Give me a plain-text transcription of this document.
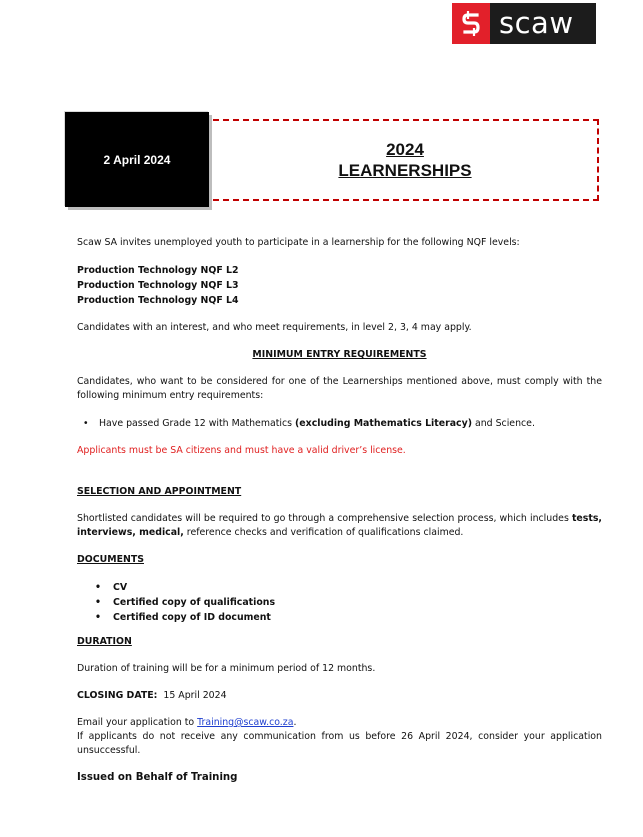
scaw
2 April 2024
2024
LEARNERSHIPS

Scaw SA invites unemployed youth to participate in a learnership for the following NQF levels:

Production Technology NQF L2
Production Technology NQF L3
Production Technology NQF L4

Candidates with an interest, and who meet requirements, in level 2, 3, 4 may apply.

MINIMUM ENTRY REQUIREMENTS

Candidates, who want to be considered for one of the Learnerships mentioned above, must comply with the following minimum entry requirements:

• Have passed Grade 12 with Mathematics (excluding Mathematics Literacy) and Science.

Applicants must be SA citizens and must have a valid driver’s license.

SELECTION AND APPOINTMENT

Shortlisted candidates will be required to go through a comprehensive selection process, which includes tests, interviews, medical, reference checks and verification of qualifications claimed.

DOCUMENTS

• CV
• Certified copy of qualifications
• Certified copy of ID document

DURATION

Duration of training will be for a minimum period of 12 months.

CLOSING DATE: 15 April 2024

Email your application to Training@scaw.co.za.
If applicants do not receive any communication from us before 26 April 2024, consider your application unsuccessful.

Issued on Behalf of Training
